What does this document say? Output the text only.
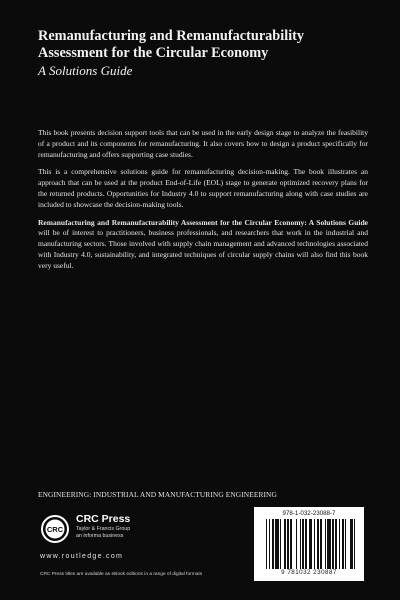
Remanufacturing and Remanufacturability Assessment for the Circular Economy
A Solutions Guide

This book presents decision support tools that can be used in the early design stage to analyze the feasibility of a product and its components for remanufacturing. It also covers how to design a product specifically for remanufacturing and offers supporting case studies.

This is a comprehensive solutions guide for remanufacturing decision-making. The book illustrates an approach that can be used at the product End-of-Life (EOL) stage to generate optimized recovery plans for the returned products. Opportunities for Industry 4.0 to support remanufacturing along with case studies are included to showcase the decision-making tools.

Remanufacturing and Remanufacturability Assessment for the Circular Economy: A Solutions Guide will be of interest to practitioners, business professionals, and researchers that work in the industrial and manufacturing sectors. Those involved with supply chain management and advanced technologies associated with Industry 4.0, sustainability, and integrated techniques of circular supply chains will also find this book very useful.

ENGINEERING: INDUSTRIAL AND MANUFACTURING ENGINEERING
CRC
CRC Press
Taylor & Francis Group
an informa business
www.routledge.com
CRC Press titles are available as eBook editions in a range of digital formats
978-1-032-23088-7
9 781032 230887
